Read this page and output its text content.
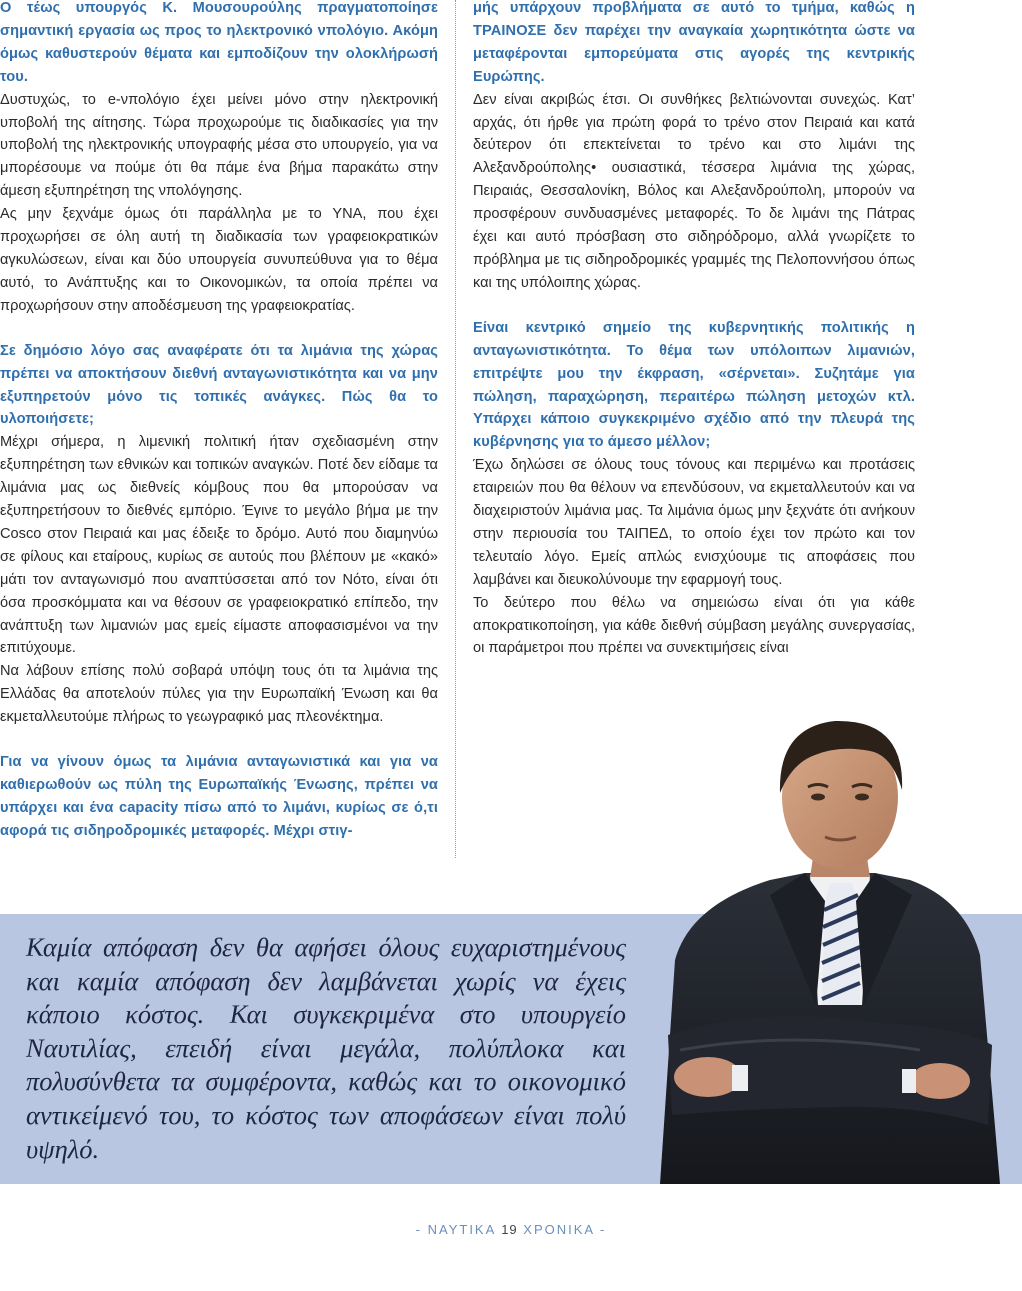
Ο τέως υπουργός Κ. Μουσουρούλης πραγματοποίησε σημαντική εργασία ως προς το ηλεκτρονικό νπολόγιο. Ακόμη όμως καθυστερούν θέματα και εμποδίζουν την ολοκλήρωσή του.

Δυστυχώς, το e-νπολόγιο έχει μείνει μόνο στην ηλεκτρονική υποβολή της αίτησης. Τώρα προχωρούμε τις διαδικασίες για την υποβολή της ηλεκτρονικής υπογραφής μέσα στο υπουργείο, για να μπορέσουμε να πούμε ότι θα πάμε ένα βήμα παρακάτω στην άμεση εξυπηρέτηση της νπολόγησης.

Ας μην ξεχνάμε όμως ότι παράλληλα με το ΥΝΑ, που έχει προχωρήσει σε όλη αυτή τη διαδικασία των γραφειοκρατικών αγκυλώσεων, είναι και δύο υπουργεία συνυπεύθυνα για το θέμα αυτό, το Ανάπτυξης και το Οικονομικών, τα οποία πρέπει να προχωρήσουν στην αποδέσμευση της γραφειοκρατίας.

Σε δημόσιο λόγο σας αναφέρατε ότι τα λιμάνια της χώρας πρέπει να αποκτήσουν διεθνή ανταγωνιστικότητα και να μην εξυπηρετούν μόνο τις τοπικές ανάγκες. Πώς θα το υλοποιήσετε;

Μέχρι σήμερα, η λιμενική πολιτική ήταν σχεδιασμένη στην εξυπηρέτηση των εθνικών και τοπικών αναγκών. Ποτέ δεν είδαμε τα λιμάνια μας ως διεθνείς κόμβους που θα μπορούσαν να εξυπηρετήσουν το διεθνές εμπόριο. Έγινε το μεγάλο βήμα με την Cosco στον Πειραιά και μας έδειξε το δρόμο. Αυτό που διαμηνύω σε φίλους και εταίρους, κυρίως σε αυτούς που βλέπουν με «κακό» μάτι τον ανταγωνισμό που αναπτύσσεται από τον Νότο, είναι ότι όσα προσκόμματα και να θέσουν σε γραφειοκρατικό επίπεδο, την ανάπτυξη των λιμανιών μας εμείς είμαστε αποφασισμένοι να την επιτύχουμε.

Να λάβουν επίσης πολύ σοβαρά υπόψη τους ότι τα λιμάνια της Ελλάδας θα αποτελούν πύλες για την Ευρωπαϊκή Ένωση και θα εκμεταλλευτούμε πλήρως το γεωγραφικό μας πλεονέκτημα.

Για να γίνουν όμως τα λιμάνια ανταγωνιστικά και για να καθιερωθούν ως πύλη της Ευρωπαϊκής Ένωσης, πρέπει να υπάρχει και ένα capacity πίσω από το λιμάνι, κυρίως σε ό,τι αφορά τις σιδηροδρομικές μεταφορές. Μέχρι στιγ-

μής υπάρχουν προβλήματα σε αυτό το τμήμα, καθώς η ΤΡΑΙΝΟΣΕ δεν παρέχει την αναγκαία χωρητικότητα ώστε να μεταφέρονται εμπορεύματα στις αγορές της κεντρικής Ευρώπης.

Δεν είναι ακριβώς έτσι. Οι συνθήκες βελτιώνονται συνεχώς. Κατ’ αρχάς, ότι ήρθε για πρώτη φορά το τρένο στον Πειραιά και κατά δεύτερον ότι επεκτείνεται το τρένο και στο λιμάνι της Αλεξανδρούπολης• ουσιαστικά, τέσσερα λιμάνια της χώρας, Πειραιάς, Θεσσαλονίκη, Βόλος και Αλεξανδρούπολη, μπορούν να προσφέρουν συνδυασμένες μεταφορές. Το δε λιμάνι της Πάτρας έχει και αυτό πρόσβαση στο σιδηρόδρομο, αλλά γνωρίζετε το πρόβλημα με τις σιδηροδρομικές γραμμές της Πελοποννήσου όπως και της υπόλοιπης χώρας.

Είναι κεντρικό σημείο της κυβερνητικής πολιτικής η ανταγωνιστικότητα. Το θέμα των υπόλοιπων λιμανιών, επιτρέψτε μου την έκφραση, «σέρνεται». Συζητάμε για πώληση, παραχώρηση, περαιτέρω πώληση μετοχών κτλ. Υπάρχει κάποιο συγκεκριμένο σχέδιο από την πλευρά της κυβέρνησης για το άμεσο μέλλον;

Έχω δηλώσει σε όλους τους τόνους και περιμένω και προτάσεις εταιρειών που θα θέλουν να επενδύσουν, να εκμεταλλευτούν και να διαχειριστούν λιμάνια μας. Τα λιμάνια όμως μην ξεχνάτε ότι ανήκουν στην περιουσία του ΤΑΙΠΕΔ, το οποίο έχει τον πρώτο και τον τελευταίο λόγο. Εμείς απλώς ενισχύουμε τις αποφάσεις που λαμβάνει και διευκολύνουμε την εφαρμογή τους.

Το δεύτερο που θέλω να σημειώσω είναι ότι για κάθε αποκρατικοποίηση, για κάθε διεθνή σύμβαση μεγάλης συνεργασίας, οι παράμετροι που πρέπει να συνεκτιμήσεις είναι

Καμία απόφαση δεν θα αφήσει όλους ευχαριστημένους και καμία απόφαση δεν λαμβάνεται χωρίς να έχεις κάποιο κόστος. Και συγκεκριμένα στο υπουργείο Ναυτιλίας, επειδή είναι μεγάλα, πολύπλοκα και πολυσύνθετα τα συμφέροντα, καθώς και το οικονομικό αντικείμενό του, το κόστος των αποφάσεων είναι πολύ υψηλό.
- ΝΑΥΤΙΚΑ 19 ΧΡΟΝΙΚΑ -
